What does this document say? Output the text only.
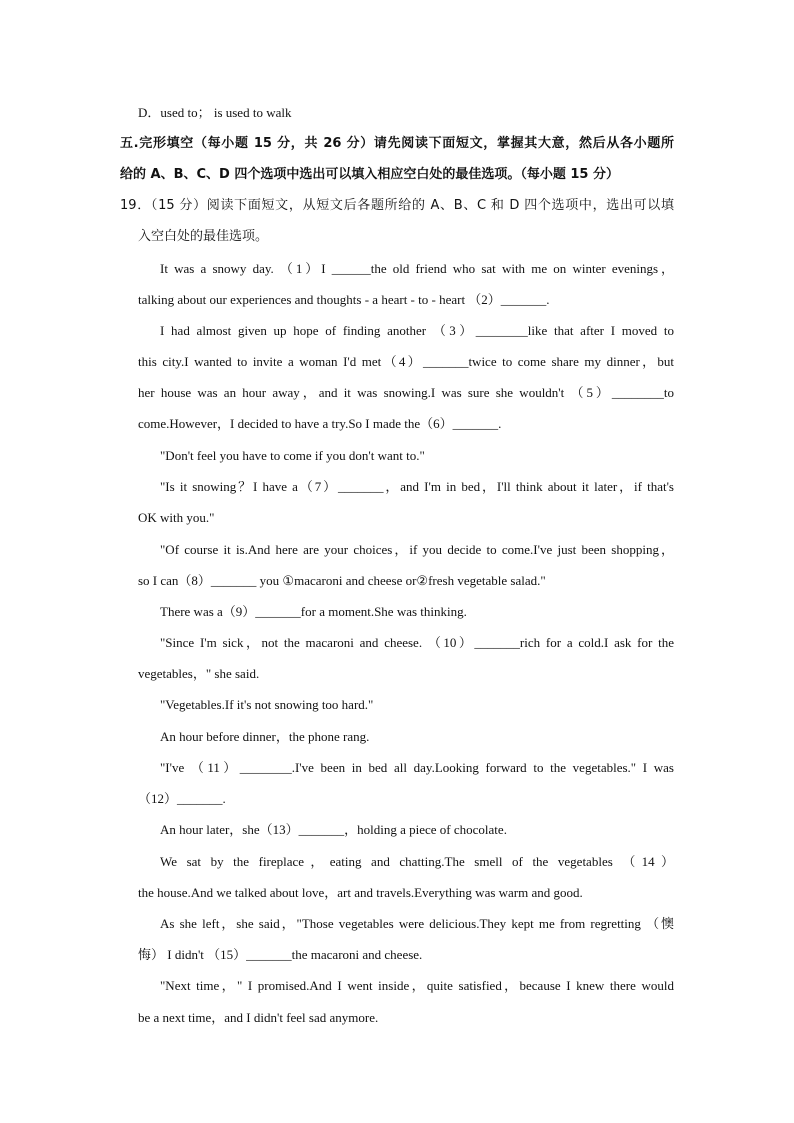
D．used to； is used to walk
五.完形填空（每小题 15 分，共 26 分）请先阅读下面短文，掌握其大意，然后从各小题所
给的 A、B、C、D 四个选项中选出可以填入相应空白处的最佳选项。（每小题 15 分）
19．（15 分）阅读下面短文，从短文后各题所给的 A、B、C 和 D 四个选项中，选出可以填
入空白处的最佳选项。
It was a snowy day. （1）I ______the old friend who sat with me on winter evenings，
talking about our experiences and thoughts - a heart - to - heart （2）_______.
I had almost given up hope of finding another （3）________like that after I moved to
this city.I wanted to invite a woman I'd met（4）_______twice to come share my dinner，but
her house was an hour away，and it was snowing.I was sure she wouldn't （5）________to
come.However，I decided to have a try.So I made the（6）_______.
"Don't feel you have to come if you don't want to."
"Is it snowing？I have a（7）_______，and I'm in bed，I'll think about it later，if that's
OK with you."
"Of course it is.And here are your choices，if you decide to come.I've just been shopping，
so I can（8）_______ you ①macaroni and cheese or②fresh vegetable salad."
There was a（9）_______for a moment.She was thinking.
"Since I'm sick，not the macaroni and cheese. （10）_______rich for a cold.I ask for the
vegetables，" she said.
"Vegetables.If it's not snowing too hard."
An hour before dinner，the phone rang.
"I've （11）________.I've been in bed all day.Looking forward to the vegetables." I was
（12）_______.
An hour later，she（13）_______，holding a piece of chocolate.
We sat by the fireplace，eating and chatting.The smell of the vegetables （14）
the house.And we talked about love，art and travels.Everything was warm and good.
As she left，she said，"Those vegetables were delicious.They kept me from regretting （懊
悔） I didn't （15）_______the macaroni and cheese.
"Next time，" I promised.And I went inside，quite satisfied，because I knew there would
be a next time，and I didn't feel sad anymore.
